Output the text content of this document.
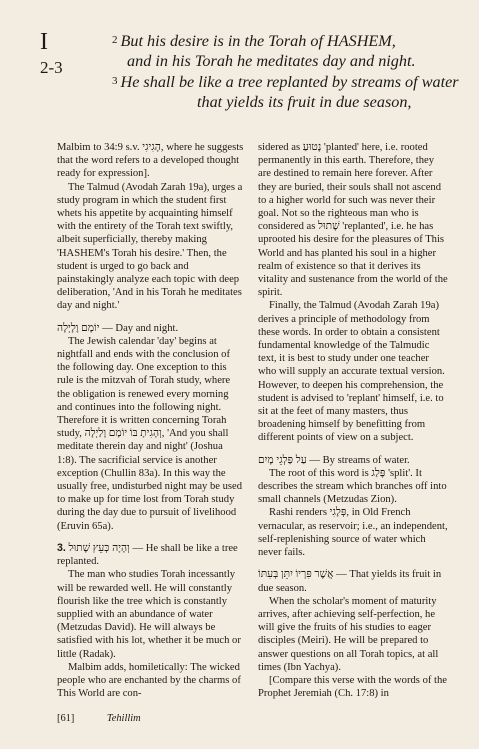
I
2-3
2 But his desire is in the Torah of HASHEM,
and in his Torah he meditates day and night.
3 He shall be like a tree replanted by streams of water
that yields its fruit in due season,

Malbim to 34:9 s.v. הָגִיגִי, where he suggests that the word refers to a developed thought ready for expression].

The Talmud (Avodah Zarah 19a), urges a study program in which the student first whets his appetite by acquainting himself with the entirety of the Torah text swiftly, albeit superficially, thereby making 'HASHEM's Torah his desire.' Then, the student is urged to go back and painstakingly analyze each topic with deep deliberation, 'And in his Torah he meditates day and night.'

יוֹמָם וָלָיְלָה — Day and night.

The Jewish calendar 'day' begins at nightfall and ends with the conclusion of the following day. One exception to this rule is the mitzvah of Torah study, where the obligation is renewed every morning and continues into the following night. Therefore it is written concerning Torah study, וְהָגִיתָ בּוֹ יוֹמָם וָלַיְלָה, 'And you shall meditate therein day and night' (Joshua 1:8). The sacrificial service is another exception (Chullin 83a). In this way the usually free, undisturbed night may be used to make up for time lost from Torah study during the day due to pursuit of livelihood (Eruvin 65a).

3. וְהָיָה כְּעֵץ שָׁתוּל — He shall be like a tree replanted.

The man who studies Torah incessantly will be rewarded well. He will constantly flourish like the tree which is constantly supplied with an abundance of water (Metzudas David). He will always be satisfied with his lot, whether it be much or little (Radak).

Malbim adds, homiletically: The wicked people who are enchanted by the charms of This World are con-

sidered as נָטוּעַ 'planted' here, i.e. rooted permanently in this earth. Therefore, they are destined to remain here forever. After they are buried, their souls shall not ascend to a higher world for such was never their goal. Not so the righteous man who is considered as שָׁתוּל 'replanted', i.e. he has uprooted his desire for the pleasures of This World and has planted his soul in a higher realm of existence so that it derives its vitality and sustenance from the world of the spirit.

Finally, the Talmud (Avodah Zarah 19a) derives a principle of methodology from these words. In order to obtain a consistent fundamental knowledge of the Talmudic text, it is best to study under one teacher who will supply an accurate textual version. However, to deepen his comprehension, the student is advised to 'replant' himself, i.e. to sit at the feet of many masters, thus broadening himself by benefitting from different points of view on a subject.

עַל פַּלְגֵי מָיִם — By streams of water.

The root of this word is פָּלַג 'split'. It describes the stream which branches off into small channels (Metzudas Zion).

Rashi renders פְּלָגִי, in Old French vernacular, as reservoir; i.e., an independent, self-replenishing source of water which never fails.

אֲשֶׁר פִּרְיוֹ יִתֵּן בְּעִתּוֹ — That yields its fruit in due season.

When the scholar's moment of maturity arrives, after achieving self-perfection, he will give the fruits of his studies to eager disciples (Meiri). He will be prepared to answer questions on all Torah topics, at all times (Ibn Yachya).

[Compare this verse with the words of the Prophet Jeremiah (Ch. 17:8) in

[61]	Tehillim
